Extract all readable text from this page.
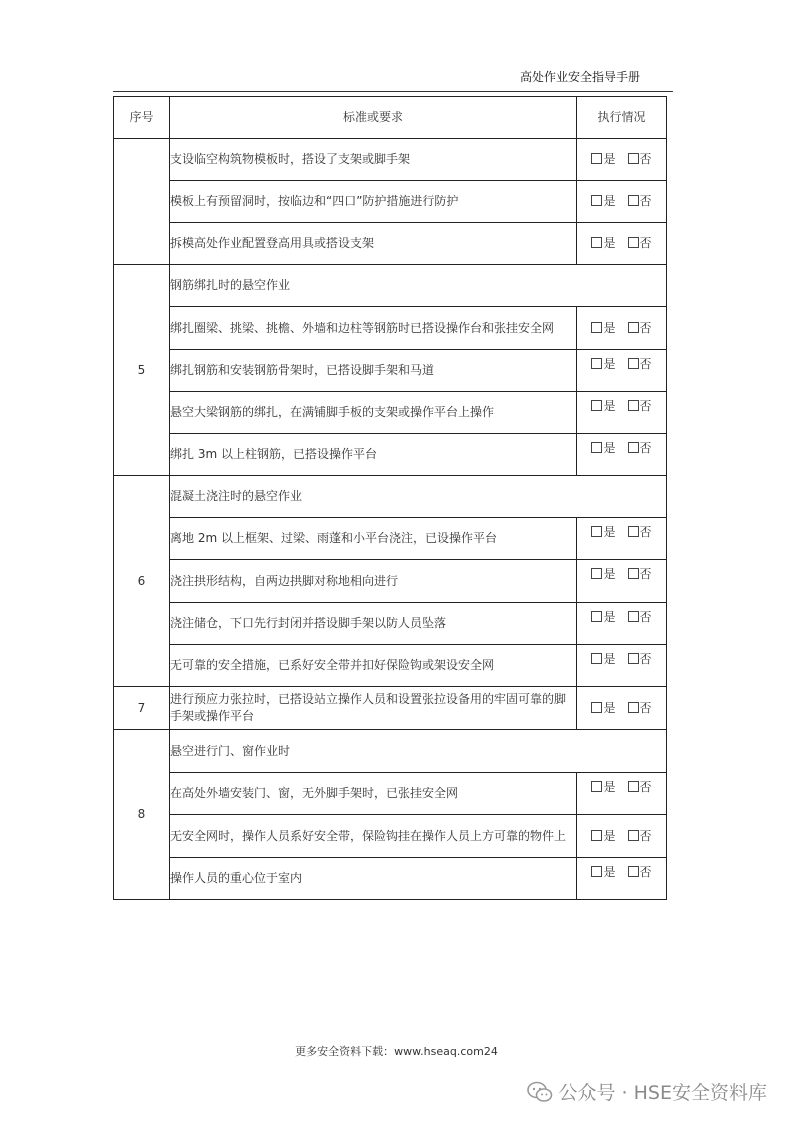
高处作业安全指导手册
序号	标准或要求	执行情况
	支设临空构筑物模板时，搭设了支架或脚手架	是 否
	模板上有预留洞时，按临边和“四口”防护措施进行防护	是 否
	拆模高处作业配置登高用具或搭设支架	是 否
5	钢筋绑扎时的悬空作业	
	绑扎圈梁、挑梁、挑檐、外墙和边柱等钢筋时已搭设操作台和张挂安全网	是 否
	绑扎钢筋和安装钢筋骨架时，已搭设脚手架和马道	是 否
	悬空大梁钢筋的绑扎，在满铺脚手板的支架或操作平台上操作	是 否
	绑扎 3m 以上柱钢筋，已搭设操作平台	是 否
6	混凝土浇注时的悬空作业	
	离地 2m 以上框架、过梁、雨蓬和小平台浇注，已设操作平台	是 否
	浇注拱形结构，自两边拱脚对称地相向进行	是 否
	浇注储仓，下口先行封闭并搭设脚手架以防人员坠落	是 否
	无可靠的安全措施，已系好安全带并扣好保险钩或架设安全网	是 否
7	进行预应力张拉时，已搭设站立操作人员和设置张拉设备用的牢固可靠的脚手架或操作平台	是 否
8	悬空进行门、窗作业时	
	在高处外墙安装门、窗，无外脚手架时，已张挂安全网	是 否
	无安全网时，操作人员系好安全带，保险钩挂在操作人员上方可靠的物件上	是 否
	操作人员的重心位于室内	是 否
更多安全资料下载：www.hseaq.com24
公众号 · HSE安全资料库
